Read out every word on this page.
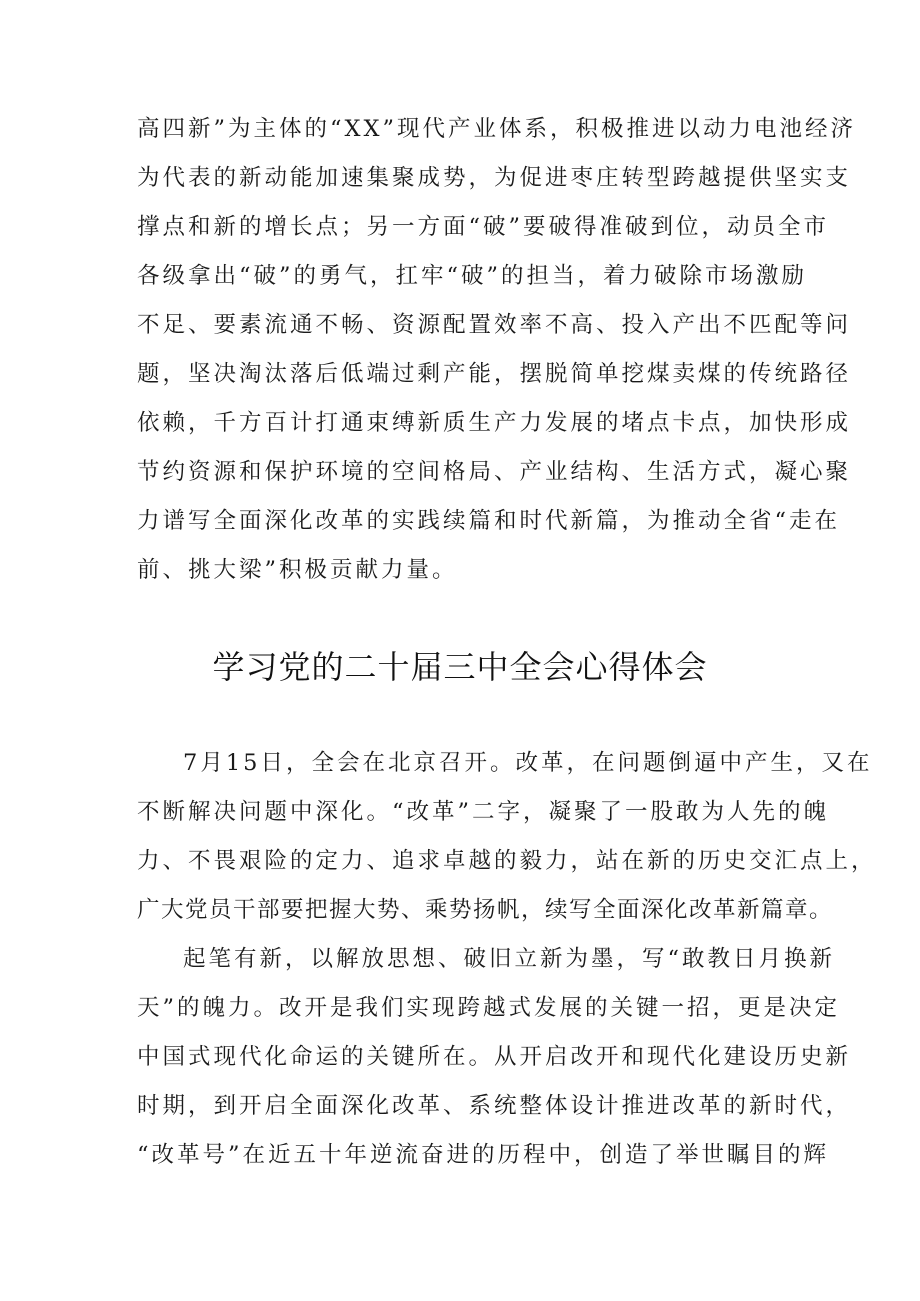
高四新”为主体的“XX”现代产业体系，积极推进以动力电池经济
为代表的新动能加速集聚成势，为促进枣庄转型跨越提供坚实支
撑点和新的增长点；另一方面“破”要破得准破到位，动员全市
各级拿出“破”的勇气，扛牢“破”的担当，着力破除市场激励
不足、要素流通不畅、资源配置效率不高、投入产出不匹配等问
题，坚决淘汰落后低端过剩产能，摆脱简单挖煤卖煤的传统路径
依赖，千方百计打通束缚新质生产力发展的堵点卡点，加快形成
节约资源和保护环境的空间格局、产业结构、生活方式，凝心聚
力谱写全面深化改革的实践续篇和时代新篇，为推动全省“走在
前、挑大梁”积极贡献力量。
学习党的二十届三中全会心得体会
7月15日，全会在北京召开。改革，在问题倒逼中产生，又在
不断解决问题中深化。“改革”二字，凝聚了一股敢为人先的魄
力、不畏艰险的定力、追求卓越的毅力，站在新的历史交汇点上，
广大党员干部要把握大势、乘势扬帆，续写全面深化改革新篇章。
起笔有新，以解放思想、破旧立新为墨，写“敢教日月换新
天”的魄力。改开是我们实现跨越式发展的关键一招，更是决定
中国式现代化命运的关键所在。从开启改开和现代化建设历史新
时期，到开启全面深化改革、系统整体设计推进改革的新时代，
“改革号”在近五十年逆流奋进的历程中，创造了举世瞩目的辉
